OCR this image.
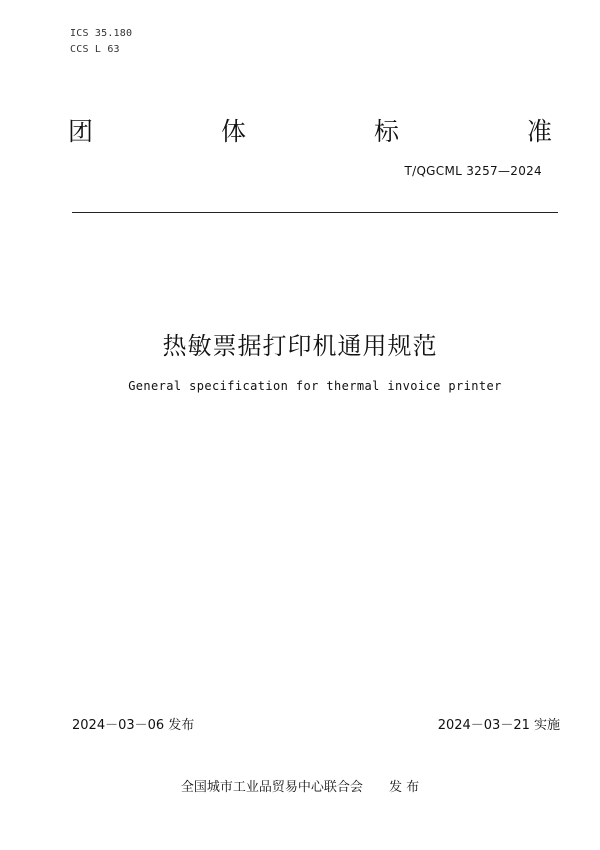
ICS 35.180
CCS L 63
团	体	标	准
T/QGCML 3257—2024
热敏票据打印机通用规范
General specification for thermal invoice printer
2024－03－06 发布	2024－03－21 实施
全国城市工业品贸易中心联合会 发 布
